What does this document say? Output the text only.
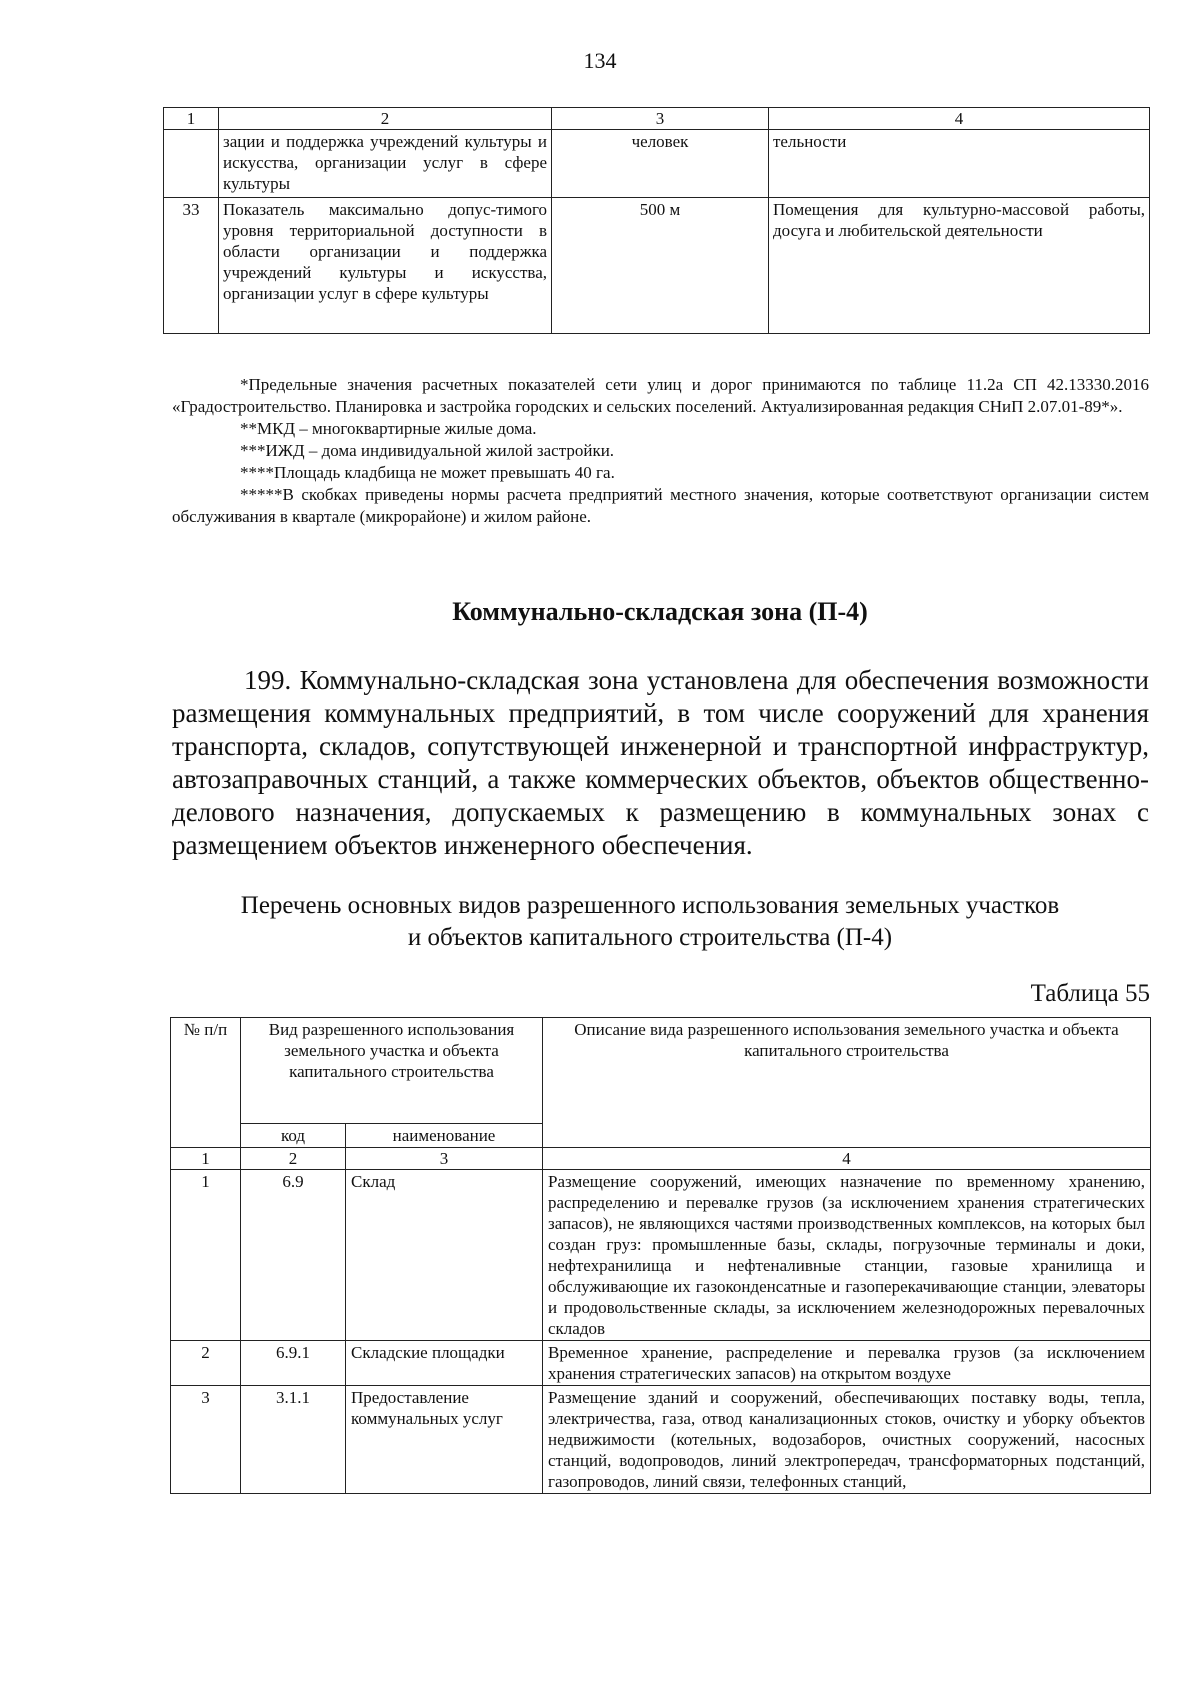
134
1	2	3	4
	зации и поддержка учреждений культуры и искусства, организации услуг в сфере культуры	человек	тельности
33	Показатель максимально допус-тимого уровня территориальной доступности в области организации и поддержка учреждений культуры и искусства, организации услуг в сфере культуры	500 м	Помещения для культурно-массовой работы, досуга и любительской деятельности

*Предельные значения расчетных показателей сети улиц и дорог принимаются по таблице 11.2а СП 42.13330.2016 «Градостроительство. Планировка и застройка городских и сельских поселений. Актуализированная редакция СНиП 2.07.01-89*».

**МКД – многоквартирные жилые дома.

***ИЖД – дома индивидуальной жилой застройки.

****Площадь кладбища не может превышать 40 га.

*****В скобках приведены нормы расчета предприятий местного значения, которые соответствуют организации систем обслуживания в квартале (микрорайоне) и жилом районе.

Коммунально-складская зона (П-4)

199. Коммунально-складская зона установлена для обеспечения возможности размещения коммунальных предприятий, в том числе сооружений для хранения транспорта, складов, сопутствующей инженерной и транспортной инфраструктур, автозаправочных станций, а также коммерческих объектов, объектов общественно-делового назначения, допускаемых к размещению в коммунальных зонах с размещением объектов инженерного обеспечения.

Перечень основных видов разрешенного использования земельных участков
и объектов капитального строительства (П-4)
Таблица 55
№ п/п	Вид разрешенного использования земельного участка и объекта капитального строительства		Описание вида разрешенного использования земельного участка и объекта капитального строительства
	код	наименование	
1	2	3	4
1	6.9	Склад	Размещение сооружений, имеющих назначение по временному хранению, распределению и перевалке грузов (за исключением хранения стратегических запасов), не являющихся частями производственных комплексов, на которых был создан груз: промышленные базы, склады, погрузочные терминалы и доки, нефтехранилища и нефтеналивные станции, газовые хранилища и обслуживающие их газоконденсатные и газоперекачивающие станции, элеваторы и продовольственные склады, за исключением железнодорожных перевалочных складов
2	6.9.1	Складские площадки	Временное хранение, распределение и перевалка грузов (за исключением хранения стратегических запасов) на открытом воздухе
3	3.1.1	Предоставление коммунальных услуг	Размещение зданий и сооружений, обеспечивающих поставку воды, тепла, электричества, газа, отвод канализационных стоков, очистку и уборку объектов недвижимости (котельных, водозаборов, очистных сооружений, насосных станций, водопроводов, линий электропередач, трансформаторных подстанций, газопроводов, линий связи, телефонных станций,
